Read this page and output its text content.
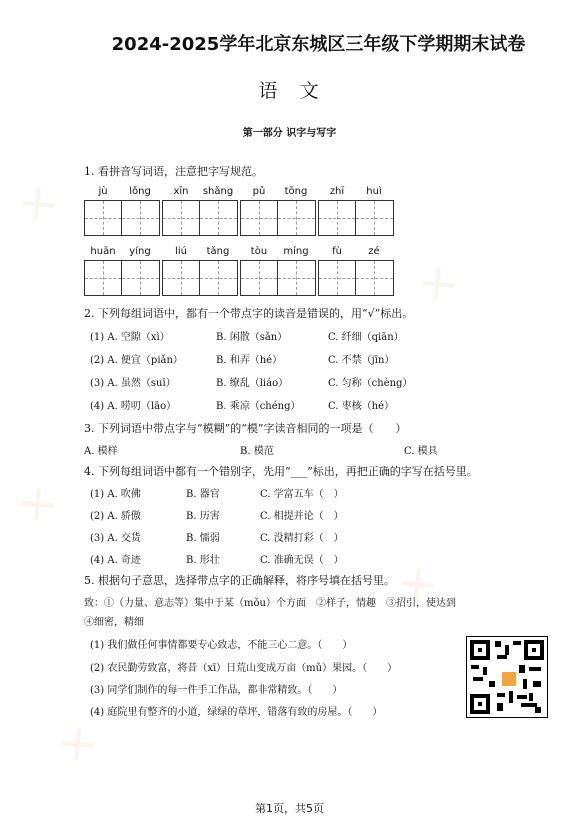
✕
✕
✕
✕
✕
2024-2025学年北京东城区三年级下学期期末试卷
语文
第一部分 识字与写字
1. 看拼音写词语，注意把字写规范。
jù	lǒng	xīn	shǎng	pǔ	tōng	zhī	huì
huān	yíng	liú	tǎng	tòu	míng	fù	zé
2. 下列每组词语中，都有一个带点字的读音是错误的，用“√”标出。
(1) A. 空隙（xì）	B. 闲散（sǎn）	C. 纤细（qiān）
(2) A. 便宜（piǎn）	B. 和弄（hé）	C. 不禁（jīn）
(3) A. 虽然（suī）	B. 缭乱（liáo）	C. 匀称（chèng）
(4) A. 唠叨（lāo）	B. 乘凉（chéng）	C. 枣核（hé）
3. 下列词语中带点字与“模糊”的“模”字读音相同的一项是（　　）
A. 模样	B. 模范	C. 模具
4. 下列每组词语中都有一个错别字，先用“___”标出，再把正确的字写在括号里。
(1) A. 吹佛	B. 器官	C. 学富五车（　）
(2) A. 骄傲	B. 历害	C. 相提并论（　）
(3) A. 交货	B. 懦弱	C. 没精打彩（　）
(4) A. 奇迹	B. 形壮	C. 准确无误（　）
5. 根据句子意思，选择带点字的正确解释，将序号填在括号里。
致：①（力量、意志等）集中于某（mǒu）个方面　②样子，情趣　③招引，使达到
④细密，精细
(1) 我们做任何事情都要专心致志，不能三心二意。（　　）
(2) 农民勤劳致富，将昔（xī）日荒山变成万亩（mǔ）果园。（　　）
(3) 同学们制作的每一件手工作品，都非常精致。（　　）
(4) 庭院里有整齐的小道，绿绿的草坪，错落有致的房屋。（　　）
第1页，共5页
